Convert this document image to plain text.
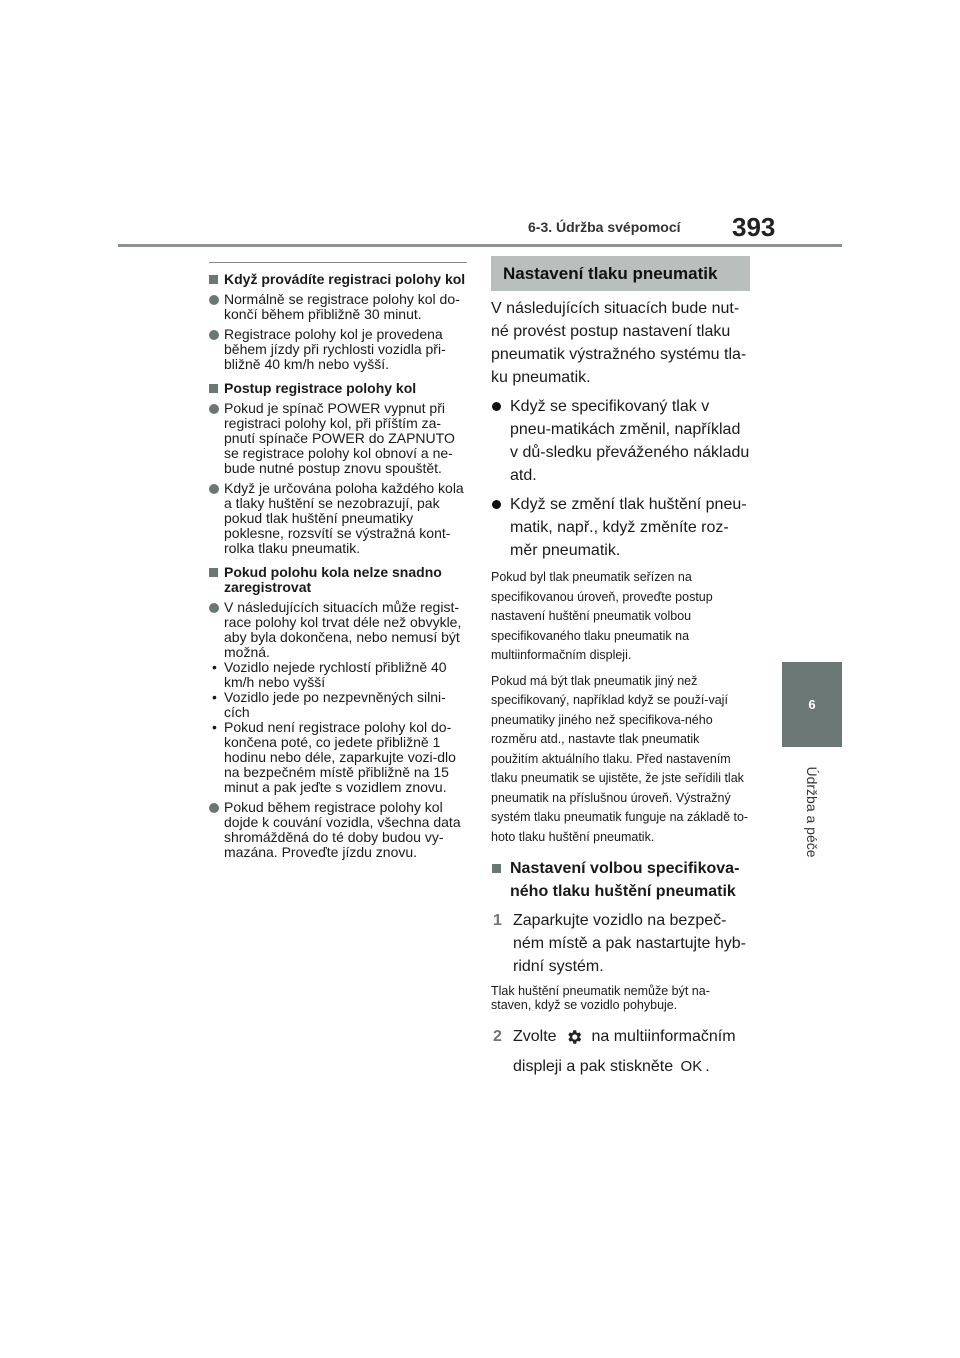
6-3. Údržba svépomocí 393
6
Údržba a péče
Když provádíte registraci polohy kol
Normálně se registrace polohy kol do-končí během přibližně 30 minut.
Registrace polohy kol je provedena během jízdy při rychlosti vozidla při-bližně 40 km/h nebo vyšší.
Postup registrace polohy kol
Pokud je spínač POWER vypnut při registraci polohy kol, při příštím za-pnutí spínače POWER do ZAPNUTO se registrace polohy kol obnoví a ne-bude nutné postup znovu spouštět.
Když je určována poloha každého kola a tlaky huštění se nezobrazují, pak pokud tlak huštění pneumatiky poklesne, rozsvítí se výstražná kont-rolka tlaku pneumatik.
Pokud polohu kola nelze snadno zaregistrovat
V následujících situacích může regist-race polohy kol trvat déle než obvykle, aby byla dokončena, nebo nemusí být možná.
• Vozidlo nejede rychlostí přibližně 40 km/h nebo vyšší
• Vozidlo jede po nezpevněných silni-cích
• Pokud není registrace polohy kol do-končena poté, co jedete přibližně 1 hodinu nebo déle, zaparkujte vozi-dlo na bezpečném místě přibližně na 15 minut a pak jeďte s vozidlem znovu.
Pokud během registrace polohy kol dojde k couvání vozidla, všechna data shromážděná do té doby budou vy-mazána. Proveďte jízdu znovu.
Nastavení tlaku pneumatik
V následujících situacích bude nut-né provést postup nastavení tlaku pneumatik výstražného systému tla-ku pneumatik.
Když se specifikovaný tlak v pneu-matikách změnil, například v dů-sledku převáženého nákladu atd.
Když se změní tlak huštění pneu-matik, např., když změníte roz-měr pneumatik.
Pokud byl tlak pneumatik seřízen na specifikovanou úroveň, proveďte postup nastavení huštění pneumatik volbou specifikovaného tlaku pneumatik na multiinformačním displeji.
Pokud má být tlak pneumatik jiný než specifikovaný, například když se použí-vají pneumatiky jiného než specifikova-ného rozměru atd., nastavte tlak pneumatik použitím aktuálního tlaku. Před nastavením tlaku pneumatik se ujistěte, že jste seřídili tlak pneumatik na příslušnou úroveň. Výstražný systém tlaku pneumatik funguje na základě to-hoto tlaku huštění pneumatik.
Nastavení volbou specifikova-ného tlaku huštění pneumatik
1 Zaparkujte vozidlo na bezpeč-ném místě a pak nastartujte hyb-ridní systém.
Tlak huštění pneumatik nemůže být na-staven, když se vozidlo pohybuje.
2 Zvolte na multiinformačním displeji a pak stiskněte OK .
